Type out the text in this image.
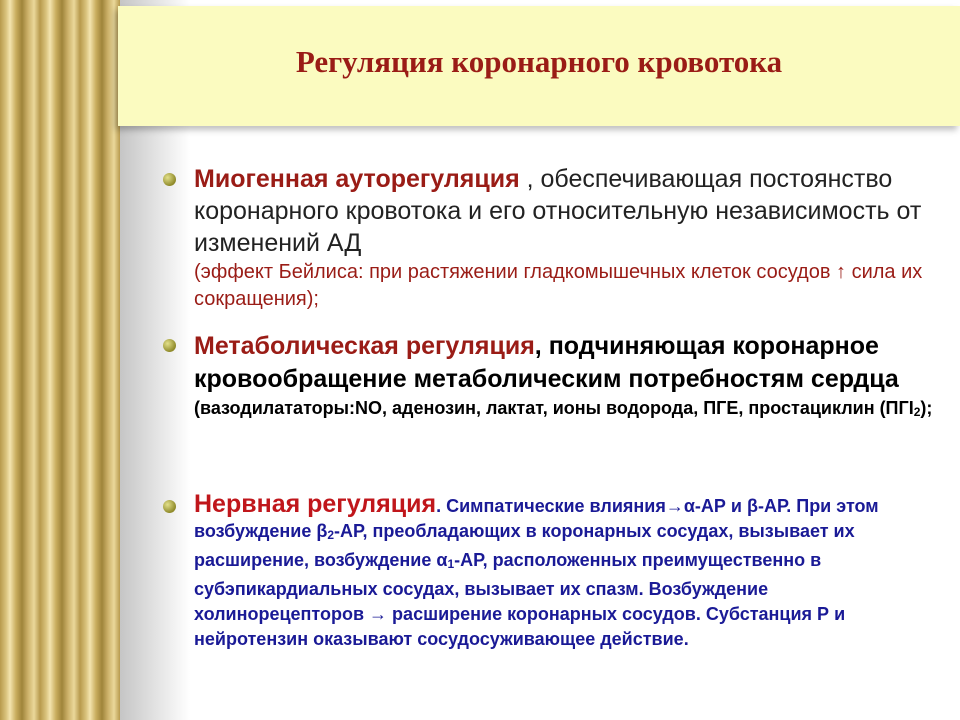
Регуляция коронарного кровотока

Миогенная ауторегуляция , обеспечивающая постоянство коронарного кровотока и его относительную независимость от изменений АД
(эффект Бейлиса: при растяжении гладкомышечных клеток сосудов ↑ сила их сокращения);

Метаболическая регуляция, подчиняющая коронарное кровообращение метаболическим потребностям сердца
(вазодилататоры:NO, аденозин, лактат, ионы водорода, ПГЕ, простациклин $(ПГI_2)$;

Нервная регуляция. Симпатические влияния→α-АР и β-АР. При этом возбуждение $\beta_2-АР$, преобладающих в коронарных сосудах, вызывает их расширение, возбуждение $\alpha_1-АР$, расположенных преимущественно в субэпикардиальных сосудах, вызывает их спазм. Возбуждение холинорецепторов → расширение коронарных сосудов. Субстанция Р и нейротензин оказывают сосудосуживающее действие.
